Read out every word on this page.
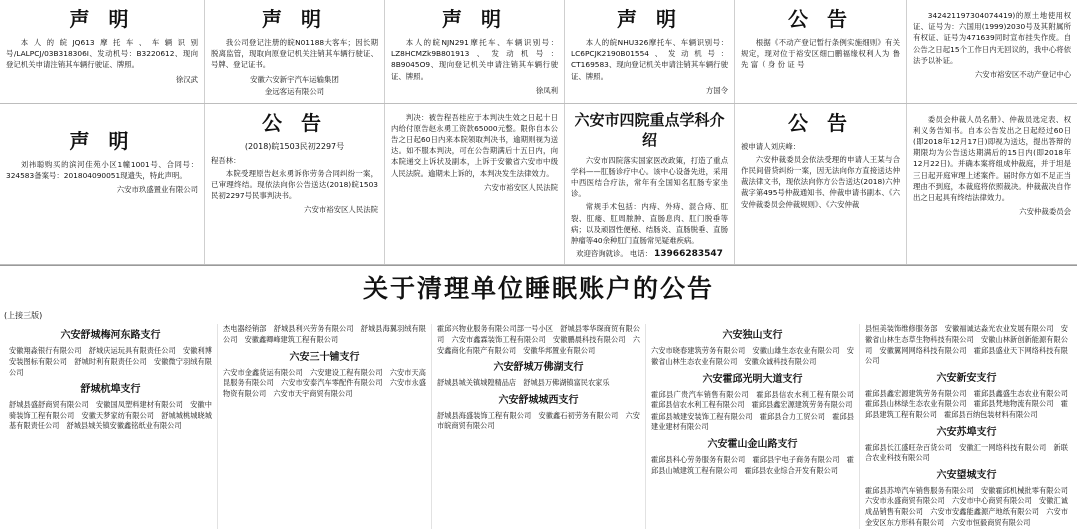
声 明

本人的皖JQ613摩托车、车辆识别号/LALPCJ/03B318306I、发动机号：B3220612、现向登记机关申请注销其车辆行驶证、牌照。

徐汉武
声 明

我公司登记注册的皖N01188大客车；因长期脱离监管，现取向原登记机关注销其车辆行驶证、号牌、登记证书。

安徽六安新宇汽车运输集团
金远客运有限公司
声 明

本人的皖NJN291摩托车、车辆识别号：LZ8HCMZk9B801913、发动机号：8B9045O9、现向登记机关申请注销其车辆行驶证、牌照。

徐凤利
声 明

本人的皖NHU326摩托车、车辆识别号：LC6PCJK2190B01554、发动机号：CT169583、现向登记机关申请注销其车辆行驶证、牌照。

方国令
公 告

根据《不动产登记暂行条例实施细则》有关规定，现对位于裕安区细□鹏福缘权利人为 鲁 先 富（ 身 份 证 号

342421197304074419)的原土地使用权证、证号为：六国用(1999)2030号及其附属所有权证、证号为471639同时宣布挂失作废。自公告之日起15个工作日内无回议的，我中心将依法予以补证。

六安市裕安区不动产登记中心
声 明

刘祎聪购买的滨河佳苑小区1幢1001号、合同号：324583备案号：201804090051现遗失，特此声明。

六安市玖盛置业有限公司
公 告
(2018)皖1503民初2297号

程吾林：

本院受理原告赵永勇诉你劳务合同纠纷一案，已审理终结。现依法向你公告送达(2018)皖1503民初2297号民事判决书。

六安市裕安区人民法院

判决：被告程吾桂应于本判决生效之日起十日内给付原告赵永勇工资款65000元整。限你自本公告之日起60日内来本院领取判决书，逾期则视为送达。如不服本判决，可在公告期满后十五日内，向本院递交上诉状及副本，上诉于安徽省六安市中级人民法院。逾期未上诉的，本判决发生法律效力。

六安市裕安区人民法院
六安市四院重点学科介绍

六安市四院落实国家医改政策，打造了重点学科——肛肠诊疗中心。该中心设备先进，采用中西医结合疗法，常年有全国知名肛肠专家坐诊。

常规手术包括：内痔、外痔、混合痔、肛裂、肛瘘、肛周脓肿、直肠息肉、肛门脱垂等病；以及顽固性便秘、结肠炎、直肠脱垂、直肠肿瘤等40余种肛门直肠常见疑难疾病。

欢迎咨询就诊。 电话： 13966283547
公 告

被申请人刘庆峰：

六安仲裁委员会依法受理的申请人王某与合作民间借贷纠纷一案，因无法向你方直接送达仲裁法律文书，现依法向你方公告送达(2018)六仲裁字第495号仲裁通知书、仲裁申请书副本、《六安仲裁委员会仲裁规则》、《六安仲裁

委员会仲裁人员名册》、仲裁员选定表、权利义务告知书。自本公告发出之日起经过60日(即2018年12月17日)即视为送达，提出答辩的期限均为公告送达期满后的15日内(即2018年12月22日)。并确本案将组成仲裁庭，并于坦是三日起开庭审理上述案件。届时你方如不足正当理由不到庭，本裁庭将依照裁决。仲裁裁决自作出之日起具有终结法律效力。

六安仲裁委员会
关于清理单位睡眠账户的公告
(上接三版)
六安舒城梅河东路支行
安徽翔淼银行有限公司　舒城庆运玩具有限责任公司　安徽利博安装图标有限公司　舒城时利有限责任公司　安徽微宁羽绒有限公司
舒城杭埠支行
舒城县盛舒商贸有限公司　安徽国凤塑料建材有限公司　安徽中骑装饰工程有限公司　安徽天梦家纺有限公司　舒城城桃城晓城基有限责任公司　舒城县城关镇安徽鑫铭纸业有限公司
杰电器经销部　舒城县利兴劳务有限公司　舒城县海翼羽绒有限公司　安徽鑫卿峰建筑工程有限公司
六安三十铺支行
六安市金鑫货运有限公司　六安建设工程有限公司　六安市天高昆服务有限公司　六安市安泰汽车零配件有限公司　六安市永盛物资有限公司　六安市天宇商贸有限公司
霍邱兴物业服务有限公司部一号小区　舒城县零华琛商贸有限公司　六安市鑫霖装饰工程有限公司　安徽鹏晨科技有限公司　六安鑫商化有限产有限公司　安徽华邦置业有限公司
六安舒城万佛湖支行
舒城县城关镇城隍精品店　舒城县万佛湖镇富民农家乐
六安舒城城西支行
舒城县海盛装饰工程有限公司　安徽鑫石初劳务有限公司　六安市皖商贸有限公司
六安独山支行
六安市晓春建筑劳务有限公司　安徽山雄生态农业有限公司　安徽省山林生态农业有限公司　安徽众诚科技有限公司
六安霍邱光明大道支行
霍邱县广贵汽车销售有限公司　霍邱县信农水利工程有限公司　霍邱县信农水利工程有限公司　霍邱县鑫宏源建筑劳务有限公司
霍邱县城建安装饰工程有限公司　霍邱县合力工贸公司　霍邱县建业建材有限公司
六安霍山金山路支行
霍邱县科心劳务服务有限公司　霍邱县宇电子商务有限公司　霍邱县山城建筑工程有限公司　霍邱县农业综合开发有限公司
县恒美装饰维修服务部　安徽福诚达淼光农业发展有限公司　安徽省山林生态草生物科技有限公司　安徽山林新创新能源有限公司　安徽翼网网络科技有限公司　霍邱县盛业天下网络科技有限公司
六安新安支行
霍邱县鑫宏源建筑劳务有限公司　霍邱县鑫盛生态农业有限公司　霍邱县山林绿生态农业有限公司　霍邱县梵地物流有限公司　霍邱县建筑工程有限公司　霍邱县百纳包装材料有限公司
六安苏埠支行
霍邱县长江盛旺杂百货公司　安徽汇一网络科技有限公司　新联合农业科技有限公司
六安望城支行
霍邱县苏埠汽车销售服务有限公司　安徽霍邱机械批零有限公司　六安市永盛商贸有限公司　六安市中心商贸有限公司　安徽汇诚成品销售有限公司　六安市安鑫能鑫源产地纸有限公司　六安市金安区东方形科有限公司　六安市恒毅商贸有限公司
